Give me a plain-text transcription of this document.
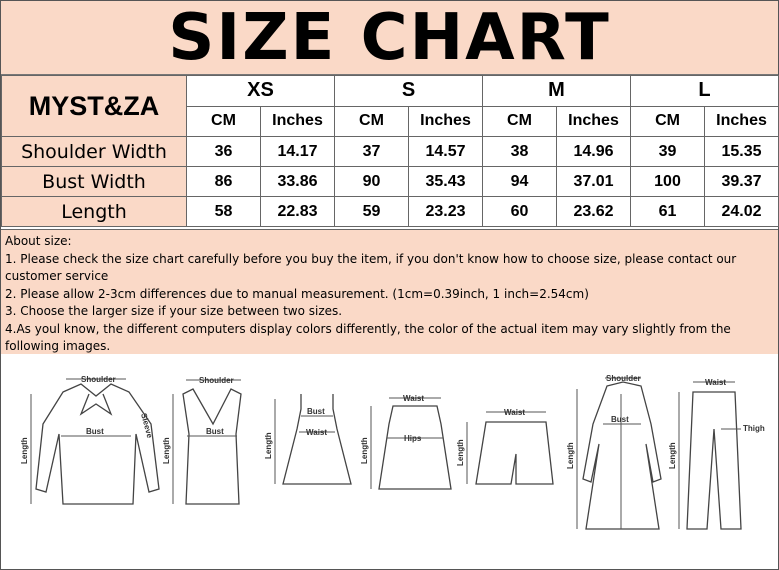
SIZE CHART
MYST&ZA	XS		S		M		L	
	CM	Inches	CM	Inches	CM	Inches	CM	Inches
Shoulder Width	36	14.17	37	14.57	38	14.96	39	15.35
Bust Width	86	33.86	90	35.43	94	37.01	100	39.37
Length	58	22.83	59	23.23	60	23.62	61	24.02

About size:

1. Please check the size chart carefully before you buy the item, if you don't know how to choose size, please contact our customer service

2. Please allow 2-3cm differences due to manual measurement. (1cm=0.39inch, 1 inch=2.54cm)

3. Choose the larger size if your size between two sizes.

4.As youl know, the different computers display colors differently, the color of the actual item may vary slightly from the following images.

Shoulder
Bust
Length
Sleeve
Shoulder
Bust
Length
Bust
Waist
Length
Waist
Hips
Length
Waist
Length
Shoulder
Bust
Length
Waist
Thigh
Length
